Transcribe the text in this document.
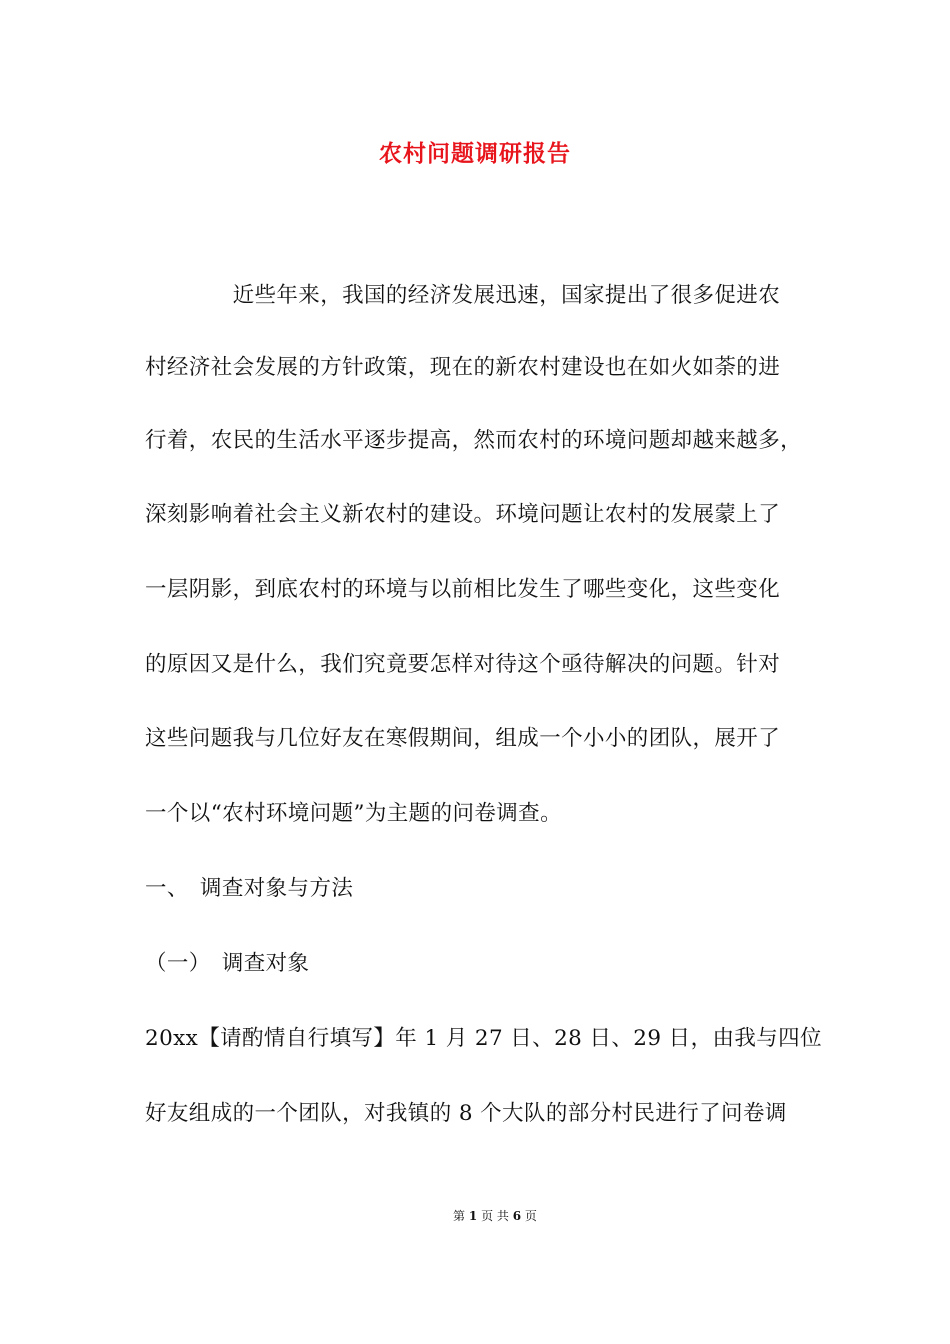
农村问题调研报告
　　　　近些年来，我国的经济发展迅速，国家提出了很多促进农
村经济社会发展的方针政策，现在的新农村建设也在如火如荼的进
行着，农民的生活水平逐步提高，然而农村的环境问题却越来越多，
深刻影响着社会主义新农村的建设。环境问题让农村的发展蒙上了
一层阴影，到底农村的环境与以前相比发生了哪些变化，这些变化
的原因又是什么，我们究竟要怎样对待这个亟待解决的问题。针对
这些问题我与几位好友在寒假期间，组成一个小小的团队，展开了
一个以“农村环境问题”为主题的问卷调查。
一、　调查对象与方法
（一）　调查对象
20xx【请酌情自行填写】年 1 月 27 日、28 日、29 日，由我与四位
好友组成的一个团队，对我镇的 8 个大队的部分村民进行了问卷调
第 1 页 共 6 页
